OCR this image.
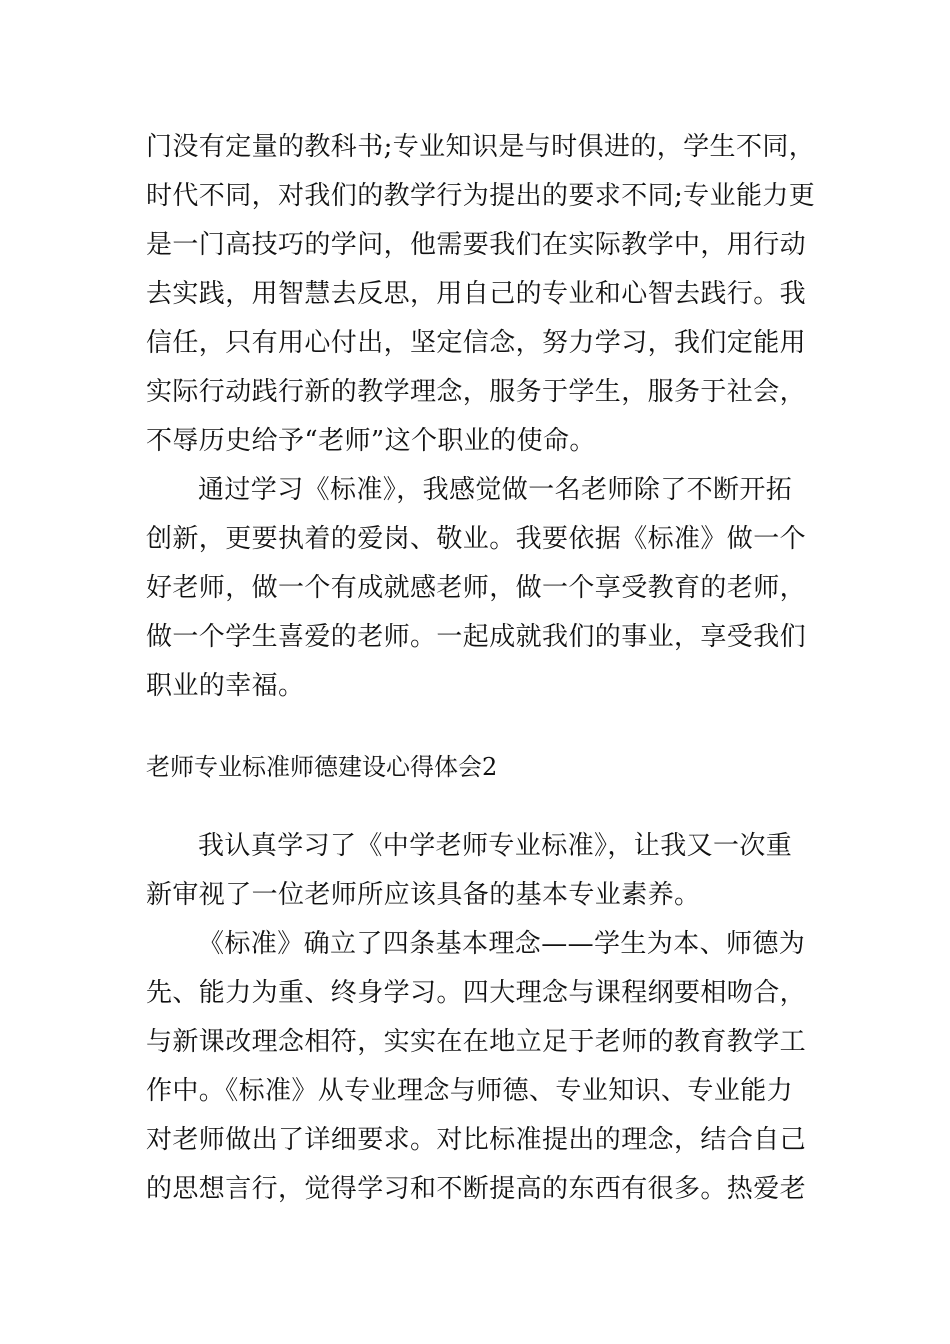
门没有定量的教科书;专业知识是与时俱进的，学生不同，
时代不同，对我们的教学行为提出的要求不同;专业能力更
是一门高技巧的学问，他需要我们在实际教学中，用行动
去实践，用智慧去反思，用自己的专业和心智去践行。我
信任，只有用心付出，坚定信念，努力学习，我们定能用
实际行动践行新的教学理念，服务于学生，服务于社会，
不辱历史给予“老师”这个职业的使命。
通过学习《标准》，我感觉做一名老师除了不断开拓
创新，更要执着的爱岗、敬业。我要依据《标准》做一个
好老师，做一个有成就感老师，做一个享受教育的老师，
做一个学生喜爱的老师。一起成就我们的事业，享受我们
职业的幸福。
老师专业标准师德建设心得体会2
我认真学习了《中学老师专业标准》，让我又一次重
新审视了一位老师所应该具备的基本专业素养。
《标准》确立了四条基本理念——学生为本、师德为
先、能力为重、终身学习。四大理念与课程纲要相吻合，
与新课改理念相符，实实在在地立足于老师的教育教学工
作中。《标准》从专业理念与师德、专业知识、专业能力
对老师做出了详细要求。对比标准提出的理念，结合自己
的思想言行，觉得学习和不断提高的东西有很多。热爱老
